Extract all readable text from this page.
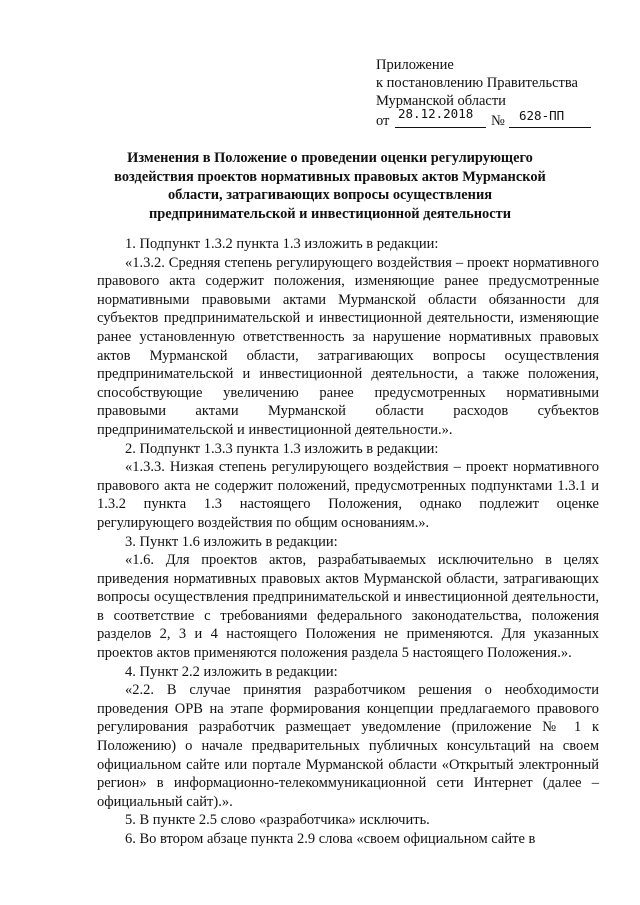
Приложение
к постановлению Правительства
Мурманской области
от 28.12.2018 № 628-ПП
Изменения в Положение о проведении оценки регулирующего воздействия проектов нормативных правовых актов Мурманской области, затрагивающих вопросы осуществления предпринимательской и инвестиционной деятельности

1. Подпункт 1.3.2 пункта 1.3 изложить в редакции:

«1.3.2. Средняя степень регулирующего воздействия – проект нормативного правового акта содержит положения, изменяющие ранее предусмотренные нормативными правовыми актами Мурманской области обязанности для субъектов предпринимательской и инвестиционной деятельности, изменяющие ранее установленную ответственность за нарушение нормативных правовых актов Мурманской области, затрагивающих вопросы осуществления предпринимательской и инвестиционной деятельности, а также положения, способствующие увеличению ранее предусмотренных нормативными правовыми актами Мурманской области расходов субъектов предпринимательской и инвестиционной деятельности.».

2. Подпункт 1.3.3 пункта 1.3 изложить в редакции:

«1.3.3. Низкая степень регулирующего воздействия – проект нормативного правового акта не содержит положений, предусмотренных подпунктами 1.3.1 и 1.3.2 пункта 1.3 настоящего Положения, однако подлежит оценке регулирующего воздействия по общим основаниям.».

3. Пункт 1.6 изложить в редакции:

«1.6. Для проектов актов, разрабатываемых исключительно в целях приведения нормативных правовых актов Мурманской области, затрагивающих вопросы осуществления предпринимательской и инвестиционной деятельности, в соответствие с требованиями федерального законодательства, положения разделов 2, 3 и 4 настоящего Положения не применяются. Для указанных проектов актов применяются положения раздела 5 настоящего Положения.».

4. Пункт 2.2 изложить в редакции:

«2.2. В случае принятия разработчиком решения о необходимости проведения ОРВ на этапе формирования концепции предлагаемого правового регулирования разработчик размещает уведомление (приложение № 1 к Положению) о начале предварительных публичных консультаций на своем официальном сайте или портале Мурманской области «Открытый электронный регион» в информационно-телекоммуникационной сети Интернет (далее – официальный сайт).».

5. В пункте 2.5 слово «разработчика» исключить.

6. Во втором абзаце пункта 2.9 слова «своем официальном сайте в
